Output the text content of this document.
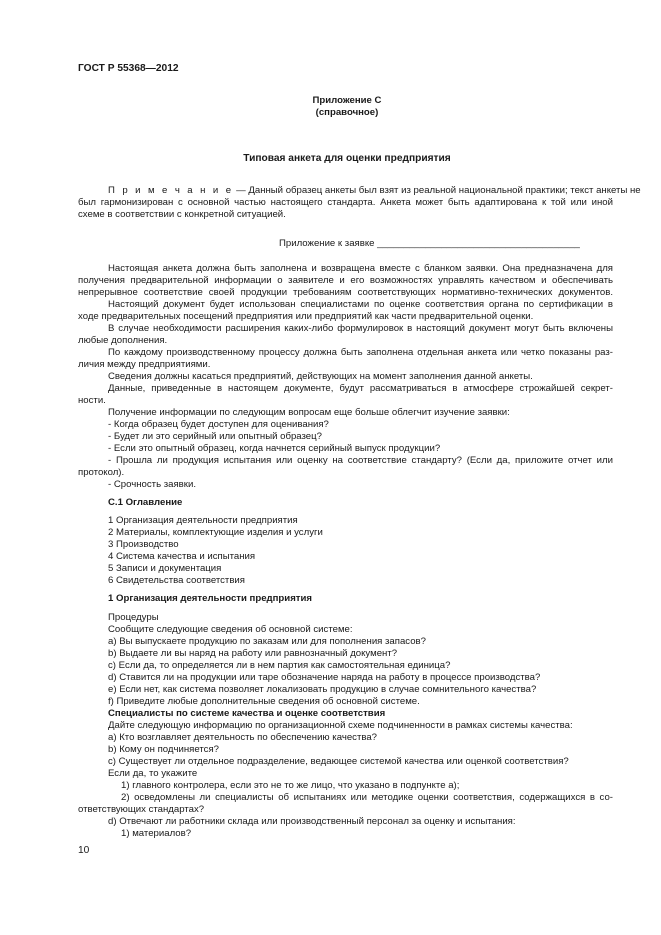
ГОСТ Р 55368—2012
Приложение C
(справочное)
Типовая анкета для оценки предприятия
П р и м е ч а н и е — Данный образец анкеты был взят из реальной национальной практики; текст анкеты не
был гармонизирован с основной частью настоящего стандарта. Анкета может быть адаптирована к той или иной
схеме в соответствии с конкретной ситуацией.
Приложение к заявке ______________________________________
Настоящая анкета должна быть заполнена и возвращена вместе с бланком заявки. Она предназначена для
получения предварительной информации о заявителе и его возможностях управлять качеством и обеспечивать
непрерывное соответствие своей продукции требованиям соответствующих нормативно-технических документов.
Настоящий документ будет использован специалистами по оценке соответствия органа по сертификации в
ходе предварительных посещений предприятия или предприятий как части предварительной оценки.
В случае необходимости расширения каких-либо формулировок в настоящий документ могут быть включены
любые дополнения.
По каждому производственному процессу должна быть заполнена отдельная анкета или четко показаны раз-
личия между предприятиями.
Сведения должны касаться предприятий, действующих на момент заполнения данной анкеты.
Данные, приведенные в настоящем документе, будут рассматриваться в атмосфере строжайшей секрет-
ности.
Получение информации по следующим вопросам еще больше облегчит изучение заявки:
- Когда образец будет доступен для оценивания?
- Будет ли это серийный или опытный образец?
- Если это опытный образец, когда начнется серийный выпуск продукции?
- Прошла ли продукция испытания или оценку на соответствие стандарту? (Если да, приложите отчет или
протокол).
- Срочность заявки.
C.1 Оглавление
1 Организация деятельности предприятия
2 Материалы, комплектующие изделия и услуги
3 Производство
4 Система качества и испытания
5 Записи и документация
6 Свидетельства соответствия
1 Организация деятельности предприятия
Процедуры
Сообщите следующие сведения об основной системе:
а) Вы выпускаете продукцию по заказам или для пополнения запасов?
b) Выдаете ли вы наряд на работу или равнозначный документ?
c) Если да, то определяется ли в нем партия как самостоятельная единица?
d) Ставится ли на продукции или таре обозначение наряда на работу в процессе производства?
e) Если нет, как система позволяет локализовать продукцию в случае сомнительного качества?
f) Приведите любые дополнительные сведения об основной системе.
Специалисты по системе качества и оценке соответствия
Дайте следующую информацию по организационной схеме подчиненности в рамках системы качества:
а) Кто возглавляет деятельность по обеспечению качества?
b) Кому он подчиняется?
c) Существует ли отдельное подразделение, ведающее системой качества или оценкой соответствия?
Если да, то укажите
1) главного контролера, если это не то же лицо, что указано в подпункте а);
2) осведомлены ли специалисты об испытаниях или методике оценки соответствия, содержащихся в со-
ответствующих стандартах?
d) Отвечают ли работники склада или производственный персонал за оценку и испытания:
1) материалов?
10
